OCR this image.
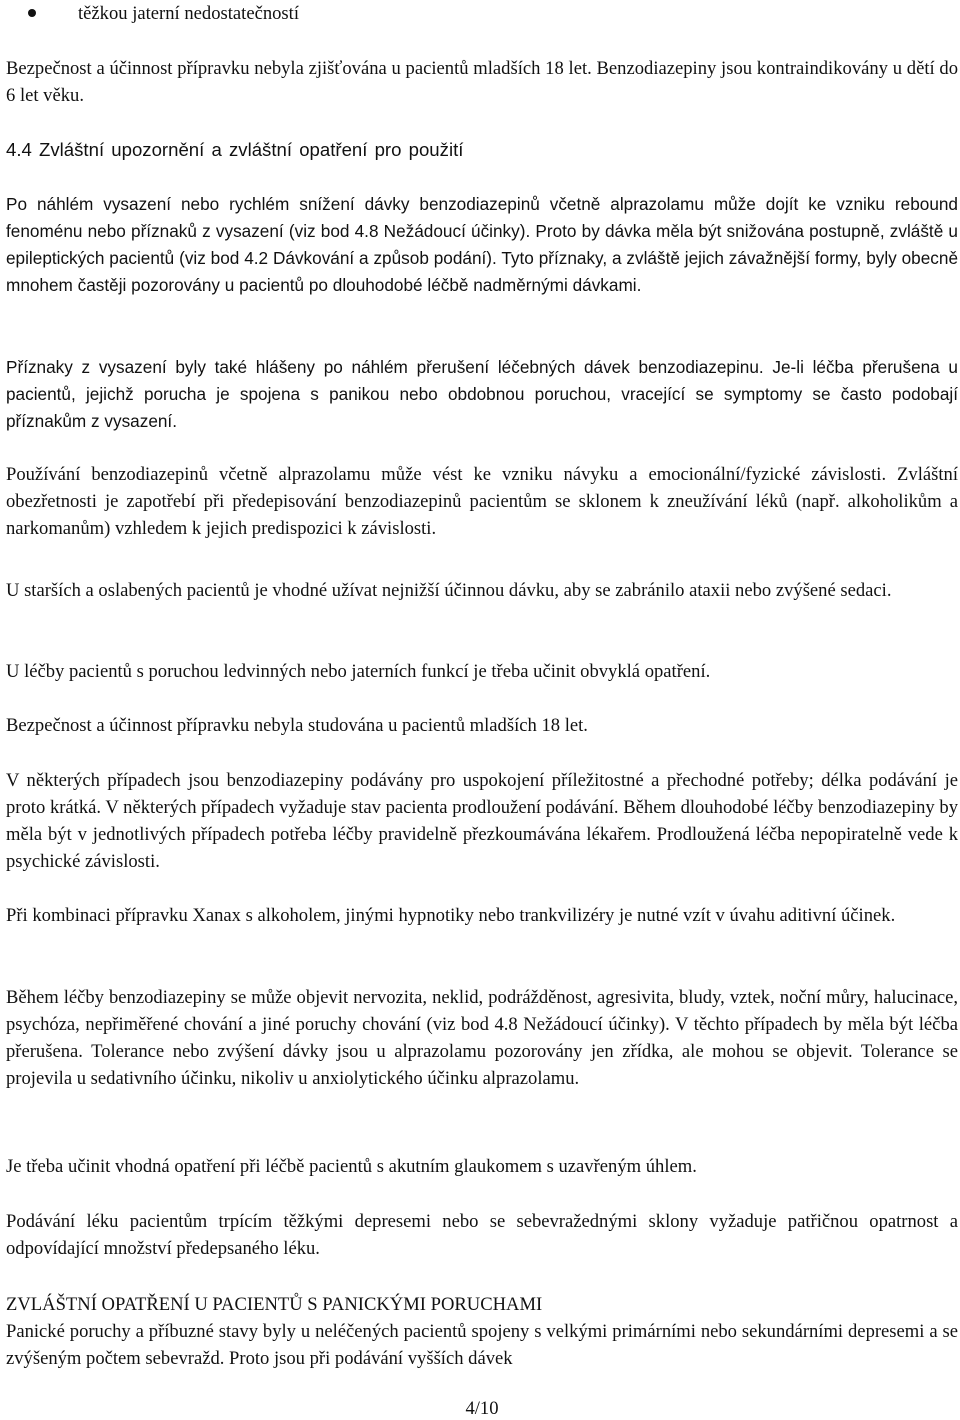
těžkou jaterní nedostatečností

Bezpečnost a účinnost přípravku nebyla zjišťována u pacientů mladších 18 let. Benzodiazepiny jsou kontraindikovány u dětí do 6 let věku.

4.4 Zvláštní upozornění a zvláštní opatření pro použití

Po náhlém vysazení nebo rychlém snížení dávky benzodiazepinů včetně alprazolamu může dojít ke vzniku rebound fenoménu nebo příznaků z vysazení (viz bod 4.8 Nežádoucí účinky). Proto by dávka měla být snižována postupně, zvláště u epileptických pacientů (viz bod 4.2 Dávkování a způsob podání). Tyto příznaky, a zvláště jejich závažnější formy, byly obecně mnohem častěji pozorovány u pacientů po dlouhodobé léčbě nadměrnými dávkami.

Příznaky z vysazení byly také hlášeny po náhlém přerušení léčebných dávek benzodiazepinu. Je-li léčba přerušena u pacientů, jejichž porucha je spojena s panikou nebo obdobnou poruchou, vracející se symptomy se často podobají příznakům z vysazení.

Používání benzodiazepinů včetně alprazolamu může vést ke vzniku návyku a emocionální/fyzické závislosti. Zvláštní obezřetnosti je zapotřebí při předepisování benzodiazepinů pacientům se sklonem k zneužívání léků (např. alkoholikům a narkomanům) vzhledem k jejich predispozici k závislosti.

U starších a oslabených pacientů je vhodné užívat nejnižší účinnou dávku, aby se zabránilo ataxii nebo zvýšené sedaci.

U léčby pacientů s poruchou ledvinných nebo jaterních funkcí je třeba učinit obvyklá opatření.

Bezpečnost a účinnost přípravku nebyla studována u pacientů mladších 18 let.

V některých případech jsou benzodiazepiny podávány pro uspokojení příležitostné a přechodné potřeby; délka podávání je proto krátká. V některých případech vyžaduje stav pacienta prodloužení podávání. Během dlouhodobé léčby benzodiazepiny by měla být v jednotlivých případech potřeba léčby pravidelně přezkoumávána lékařem. Prodloužená léčba nepopiratelně vede k psychické závislosti.

Při kombinaci přípravku Xanax s alkoholem, jinými hypnotiky nebo trankvilizéry je nutné vzít v úvahu aditivní účinek.

Během léčby benzodiazepiny se může objevit nervozita, neklid, podrážděnost, agresivita, bludy, vztek, noční můry, halucinace, psychóza, nepřiměřené chování a jiné poruchy chování (viz bod 4.8 Nežádoucí účinky). V těchto případech by měla být léčba přerušena. Tolerance nebo zvýšení dávky jsou u alprazolamu pozorovány jen zřídka, ale mohou se objevit. Tolerance se projevila u sedativního účinku, nikoliv u anxiolytického účinku alprazolamu.

Je třeba učinit vhodná opatření při léčbě pacientů s akutním glaukomem s uzavřeným úhlem.

Podávání léku pacientům trpícím těžkými depresemi nebo se sebevražednými sklony vyžaduje patřičnou opatrnost a odpovídající množství předepsaného léku.

ZVLÁŠTNÍ OPATŘENÍ U PACIENTŮ S PANICKÝMI PORUCHAMI

Panické poruchy a příbuzné stavy byly u neléčených pacientů spojeny s velkými primárními nebo sekundárními depresemi a se zvýšeným počtem sebevražd. Proto jsou při podávání vyšších dávek

4/10
